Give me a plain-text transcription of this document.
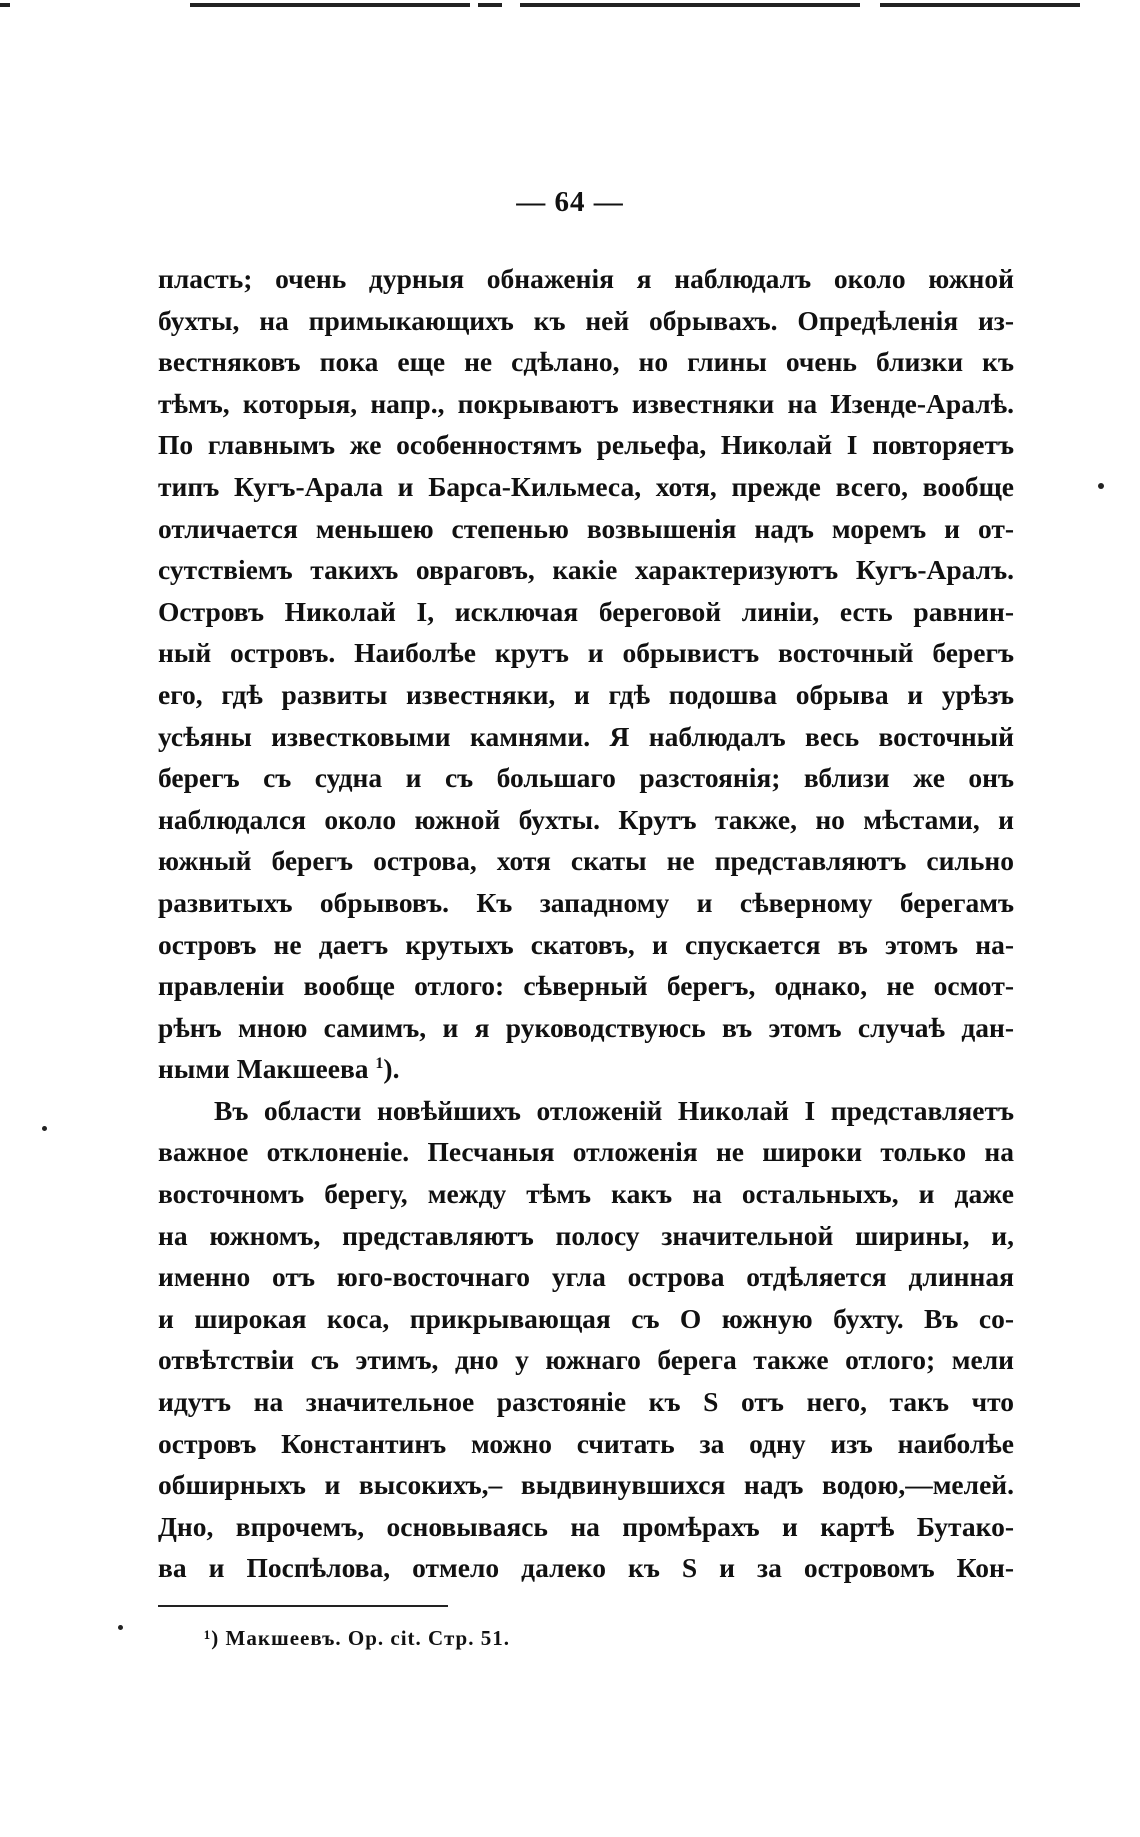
— 64 —
пласть; очень дурныя обнаженія я наблюдалъ около южной
бухты, на примыкающихъ къ ней обрывахъ. Опредѣленія из-
вестняковъ пока еще не сдѣлано, но глины очень близки къ
тѣмъ, которыя, напр., покрываютъ известняки на Изенде-Аралѣ.
По главнымъ же особенностямъ рельефа, Николай I повторяетъ
типъ Кугъ-Арала и Барса-Кильмеса, хотя, прежде всего, вообще
отличается меньшею степенью возвышенія надъ моремъ и от-
сутствіемъ такихъ овраговъ, какіе характеризуютъ Кугъ-Аралъ.
Островъ Николай I, исключая береговой линіи, есть равнин-
ный островъ. Наиболѣе крутъ и обрывистъ восточный берегъ
его, гдѣ развиты известняки, и гдѣ подошва обрыва и урѣзъ
усѣяны известковыми камнями. Я наблюдалъ весь восточный
берегъ съ судна и съ большаго разстоянія; вблизи же онъ
наблюдался около южной бухты. Крутъ также, но мѣстами, и
южный берегъ острова, хотя скаты не представляютъ сильно
развитыхъ обрывовъ. Къ западному и сѣверному берегамъ
островъ не даетъ крутыхъ скатовъ, и спускается въ этомъ на-
правленіи вообще отлого: сѣверный берегъ, однако, не осмот-
рѣнъ мною самимъ, и я руководствуюсь въ этомъ случаѣ дан-
ными Макшеева $^1$).
Въ области новѣйшихъ отложеній Николай I представляетъ
важное отклоненіе. Песчаныя отложенія не широки только на
восточномъ берегу, между тѣмъ какъ на остальныхъ, и даже
на южномъ, представляютъ полосу значительной ширины, и,
именно отъ юго-восточнаго угла острова отдѣляется длинная
и широкая коса, прикрывающая съ О южную бухту. Въ со-
отвѣтствіи съ этимъ, дно у южнаго берега также отлого; мели
идутъ на значительное разстояніе къ S отъ него, такъ что
островъ Константинъ можно считать за одну изъ наиболѣе
обширныхъ и высокихъ,– выдвинувшихся надъ водою,—мелей.
Дно, впрочемъ, основываясь на промѣрахъ и картѣ Бутако-
ва и Поспѣлова, отмело далеко къ S и за островомъ Кон-
¹) Макшеевъ. Op. cit. Стр. 51.
